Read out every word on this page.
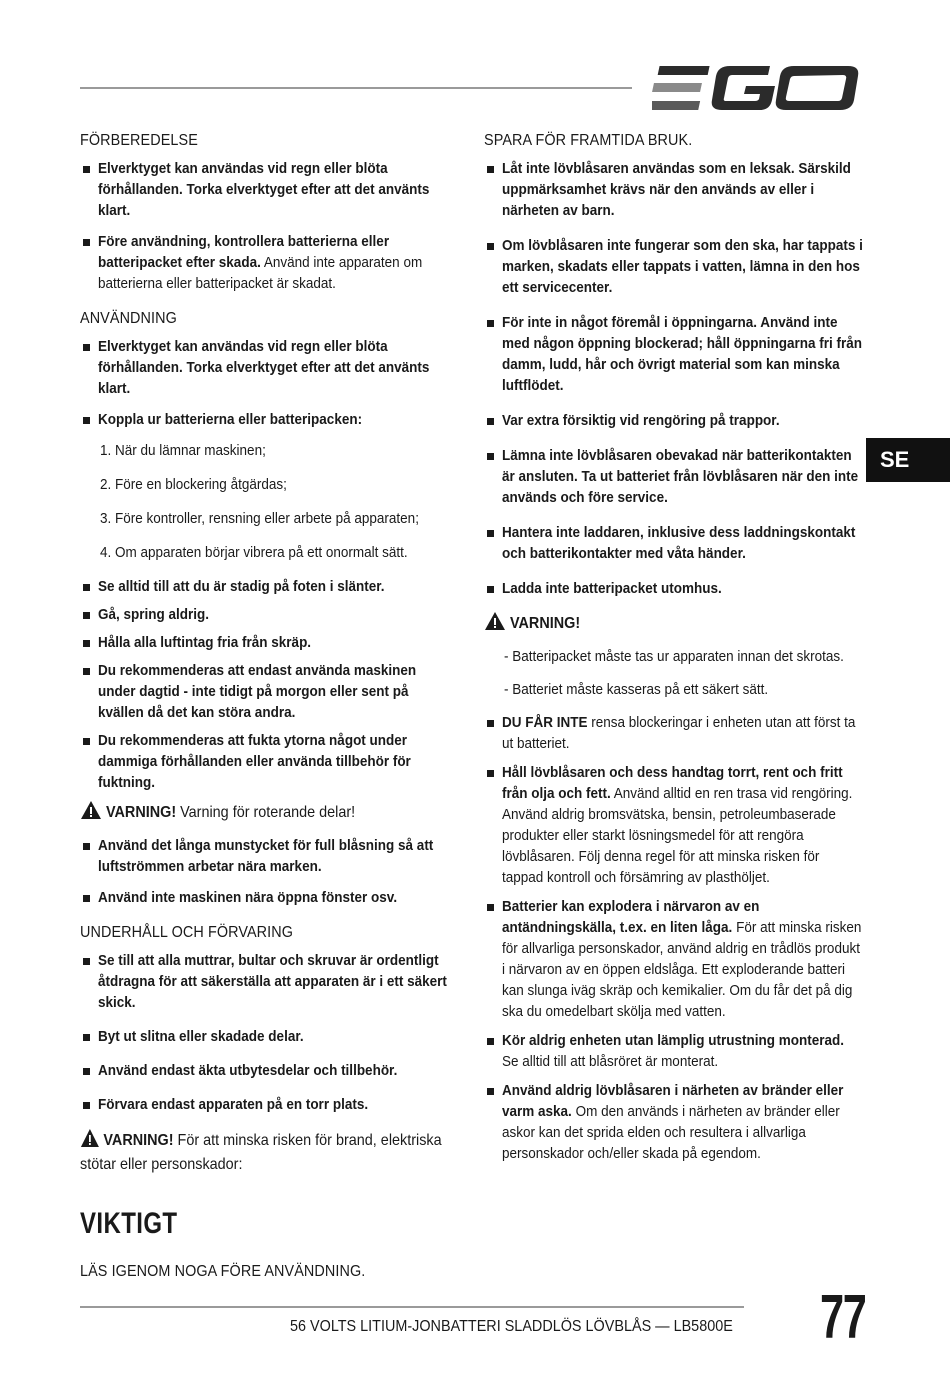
SE
FÖRBEREDELSE
Elverktyget kan användas vid regn eller blöta förhållanden. Torka elverktyget efter att det använts klart.
Före användning, kontrollera batterierna eller batteripacket efter skada. Använd inte apparaten om batterierna eller batteripacket är skadat.
ANVÄNDNING
Elverktyget kan användas vid regn eller blöta förhållanden. Torka elverktyget efter att det använts klart.
Koppla ur batterierna eller batteripacken:
1. När du lämnar maskinen;
2. Före en blockering åtgärdas;
3. Före kontroller, rensning eller arbete på apparaten;
4. Om apparaten börjar vibrera på ett onormalt sätt.
Se alltid till att du är stadig på foten i slänter.
Gå, spring aldrig.
Hålla alla luftintag fria från skräp.
Du rekommenderas att endast använda maskinen under dagtid - inte tidigt på morgon eller sent på kvällen då det kan störa andra.
Du rekommenderas att fukta ytorna något under dammiga förhållanden eller använda tillbehör för fuktning.
VARNING! Varning för roterande delar!
Använd det långa munstycket för full blåsning så att luftströmmen arbetar nära marken.
Använd inte maskinen nära öppna fönster osv.
UNDERHÅLL OCH FÖRVARING
Se till att alla muttrar, bultar och skruvar är ordentligt åtdragna för att säkerställa att apparaten är i ett säkert skick.
Byt ut slitna eller skadade delar.
Använd endast äkta utbytesdelar och tillbehör.
Förvara endast apparaten på en torr plats.
VARNING! För att minska risken för brand, elektriska stötar eller personskador:
VIKTIGT
LÄS IGENOM NOGA FÖRE ANVÄNDNING.
SPARA FÖR FRAMTIDA BRUK.
Låt inte lövblåsaren användas som en leksak. Särskild uppmärksamhet krävs när den används av eller i närheten av barn.
Om lövblåsaren inte fungerar som den ska, har tappats i marken, skadats eller tappats i vatten, lämna in den hos ett servicecenter.
För inte in något föremål i öppningarna. Använd inte med någon öppning blockerad; håll öppningarna fri från damm, ludd, hår och övrigt material som kan minska luftflödet.
Var extra försiktig vid rengöring på trappor.
Lämna inte lövblåsaren obevakad när batterikontakten är ansluten. Ta ut batteriet från lövblåsaren när den inte används och före service.
Hantera inte laddaren, inklusive dess laddningskontakt och batterikontakter med våta händer.
Ladda inte batteripacket utomhus.
VARNING!
- Batteripacket måste tas ur apparaten innan det skrotas.
- Batteriet måste kasseras på ett säkert sätt.
DU FÅR INTE rensa blockeringar i enheten utan att först ta ut batteriet.
Håll lövblåsaren och dess handtag torrt, rent och fritt från olja och fett. Använd alltid en ren trasa vid rengöring. Använd aldrig bromsvätska, bensin, petroleumbaserade produkter eller starkt lösningsmedel för att rengöra lövblåsaren. Följ denna regel för att minska risken för tappad kontroll och försämring av plasthöljet.
Batterier kan explodera i närvaron av en antändningskälla, t.ex. en liten låga. För att minska risken för allvarliga personskador, använd aldrig en trådlös produkt i närvaron av en öppen eldslåga. Ett exploderande batteri kan slunga iväg skräp och kemikalier. Om du får det på dig ska du omedelbart skölja med vatten.
Kör aldrig enheten utan lämplig utrustning monterad. Se alltid till att blåsröret är monterat.
Använd aldrig lövblåsaren i närheten av bränder eller varm aska. Om den används i närheten av bränder eller askor kan det sprida elden och resultera i allvarliga personskador och/eller skada på egendom.
56 VOLTS LITIUM-JONBATTERI SLADDLÖS LÖVBLÅS — LB5800E 77
